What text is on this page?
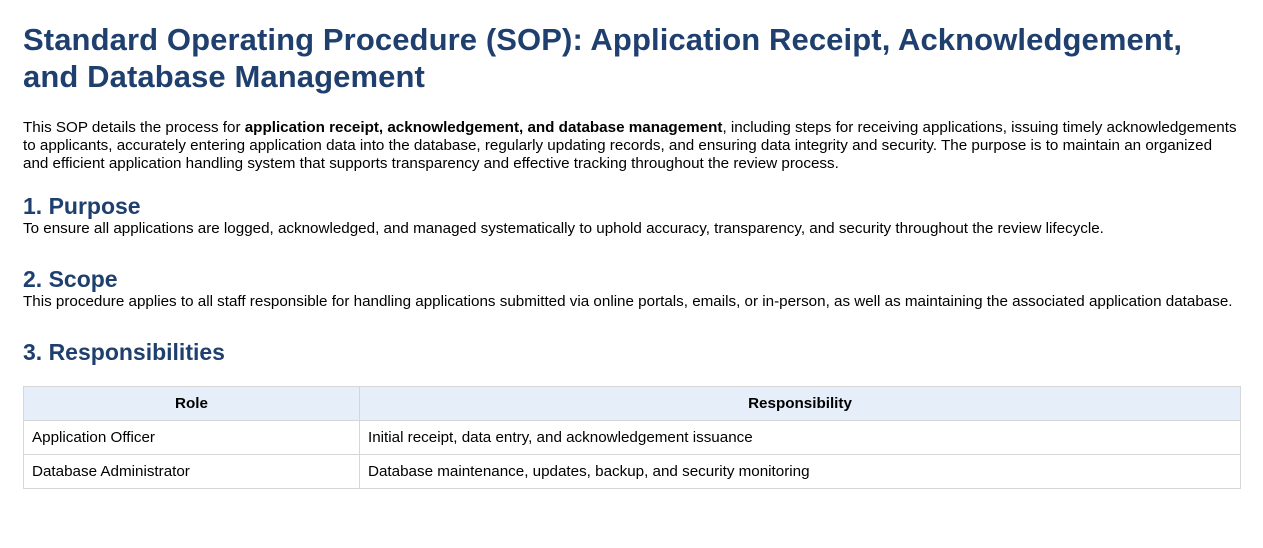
Standard Operating Procedure (SOP): Application Receipt, Acknowledgement, and Database Management

This SOP details the process for application receipt, acknowledgement, and database management, including steps for receiving applications, issuing timely acknowledgements to applicants, accurately entering application data into the database, regularly updating records, and ensuring data integrity and security. The purpose is to maintain an organized and efficient application handling system that supports transparency and effective tracking throughout the review process.

1. Purpose

To ensure all applications are logged, acknowledged, and managed systematically to uphold accuracy, transparency, and security throughout the review lifecycle.

2. Scope

This procedure applies to all staff responsible for handling applications submitted via online portals, emails, or in-person, as well as maintaining the associated application database.

3. Responsibilities
Role	Responsibility
Application Officer	Initial receipt, data entry, and acknowledgement issuance
Database Administrator	Database maintenance, updates, backup, and security monitoring
